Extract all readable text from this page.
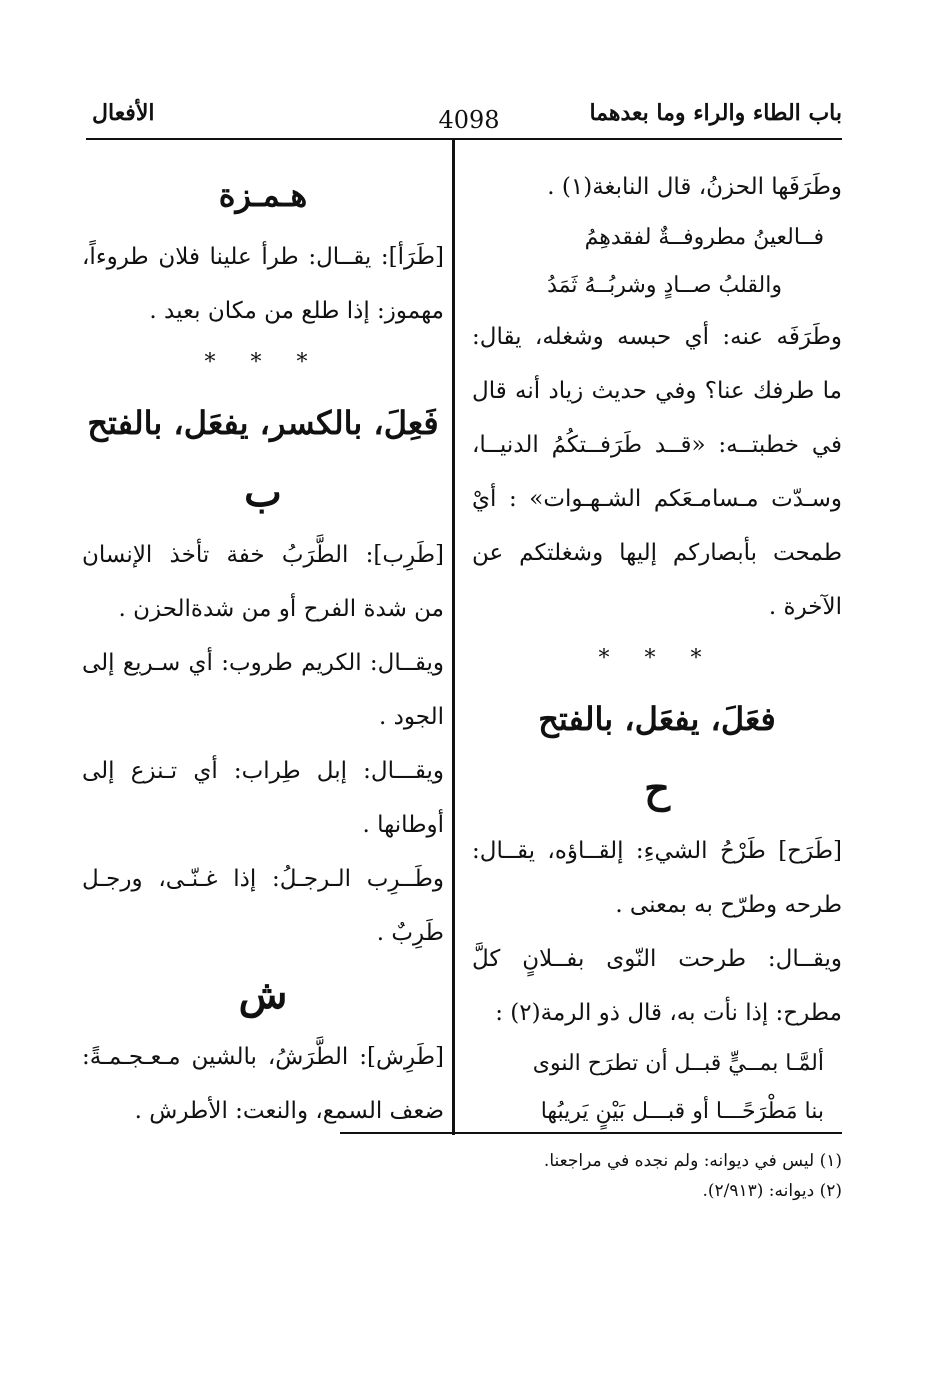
باب الطاء والراء وما بعدهما
4098
الأفعال
وطَرَفَها الحزنُ، قال النابغة(١) .
فــالعينُ مطروفــةٌ لفقدهِمُ
والقلبُ صــادٍ وشربُــهُ ثَمَدُ
وطَرَفَه عنه: أي حبسه وشغله، يقال:
ما طرفك عنا؟ وفي حديث زياد أنه قال
في خطبتــه: «قــد طَرَفــتكُمُ الدنيــا،
وسـدّت مـسامـعَكم الشـهـوات» : أيْ
طمحت بأبصاركم إليها وشغلتكم عن
الآخرة .
* * *
فعَلَ، يفعَل، بالفتح
ح
[طَرَح] طَرْحُ الشيءِ: إلقــاؤه، يقــال:
طرحه وطرّح به بمعنى .
ويقــال: طرحت النّوى بفــلانٍ كلَّ
مطرح: إذا نأت به، قال ذو الرمة(٢) :
ألمَّـا بمــيٍّ قبــل أن تطرَح النوى
بنا مَطْرَحًـــا أو قبـــل بَيْنٍ يَريبُها
هـمـزة
[طَرَأ]: يقــال: طرأ علينا فلان طروءاً،
مهموز: إذا طلع من مكان بعيد .
* * *
فَعِلَ، بالكسر، يفعَل، بالفتح
ب
[طَرِب]: الطَّرَبُ خفة تأخذ الإنسان
من شدة الفرح أو من شدةالحزن .
ويقــال: الكريم طروب: أي سـريع إلى
الجود .
ويقـــال: إبل طِراب: أي تـنزع إلى
أوطانها .
وطَــرِب الـرجـلُ: إذا غـنّـى، ورجـل
طَرِبٌ .
ش
[طَرِش]: الطَّرَشُ، بالشين مـعـجـمـةً:
ضعف السمع، والنعت: الأطرش .
(١) ليس في ديوانه: ولم نجده في مراجعنا.
(٢) ديوانه: (٢/٩١٣).
